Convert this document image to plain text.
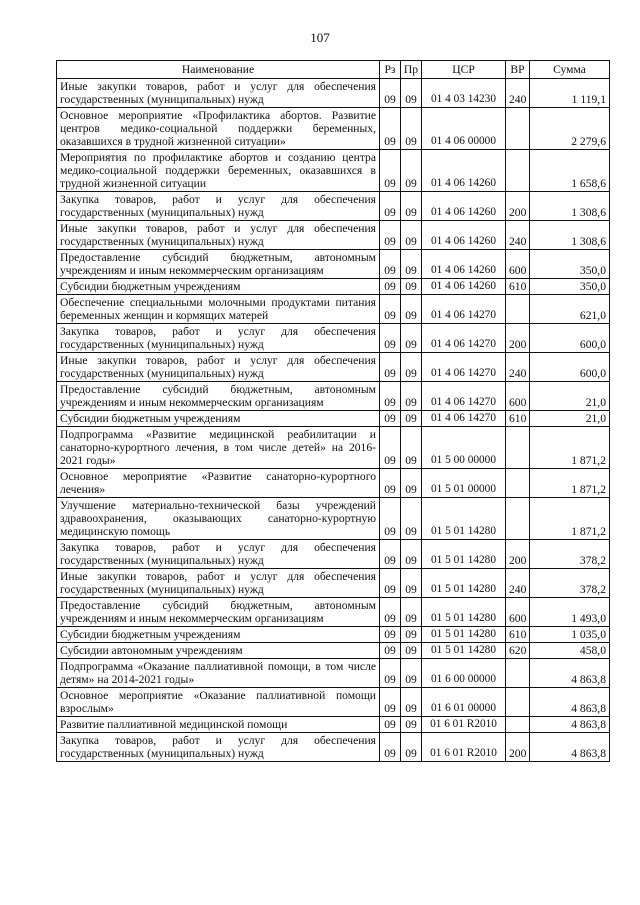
107
Наименование	Рз	Пр	ЦСР	ВР	Сумма
Иные закупки товаров, работ и услуг для обеспечения государственных (муниципальных) нужд	09	09	01 4 03 14230	240	1 119,1
Основное мероприятие «Профилактика абортов. Развитие центров медико-социальной поддержки беременных, оказавшихся в трудной жизненной ситуации»	09	09	01 4 06 00000		2 279,6
Мероприятия по профилактике абортов и созданию центра медико-социальной поддержки беременных, оказавшихся в трудной жизненной ситуации	09	09	01 4 06 14260		1 658,6
Закупка товаров, работ и услуг для обеспечения государственных (муниципальных) нужд	09	09	01 4 06 14260	200	1 308,6
Иные закупки товаров, работ и услуг для обеспечения государственных (муниципальных) нужд	09	09	01 4 06 14260	240	1 308,6
Предоставление субсидий бюджетным, автономным учреждениям и иным некоммерческим организациям	09	09	01 4 06 14260	600	350,0
Субсидии бюджетным учреждениям	09	09	01 4 06 14260	610	350,0
Обеспечение специальными молочными продуктами питания беременных женщин и кормящих матерей	09	09	01 4 06 14270		621,0
Закупка товаров, работ и услуг для обеспечения государственных (муниципальных) нужд	09	09	01 4 06 14270	200	600,0
Иные закупки товаров, работ и услуг для обеспечения государственных (муниципальных) нужд	09	09	01 4 06 14270	240	600,0
Предоставление субсидий бюджетным, автономным учреждениям и иным некоммерческим организациям	09	09	01 4 06 14270	600	21,0
Субсидии бюджетным учреждениям	09	09	01 4 06 14270	610	21,0
Подпрограмма «Развитие медицинской реабилитации и санаторно-курортного лечения, в том числе детей» на 2016-2021 годы»	09	09	01 5 00 00000		1 871,2
Основное мероприятие «Развитие санаторно-курортного лечения»	09	09	01 5 01 00000		1 871,2
Улучшение материально-технической базы учреждений здравоохранения, оказывающих санаторно-курортную медицинскую помощь	09	09	01 5 01 14280		1 871,2
Закупка товаров, работ и услуг для обеспечения государственных (муниципальных) нужд	09	09	01 5 01 14280	200	378,2
Иные закупки товаров, работ и услуг для обеспечения государственных (муниципальных) нужд	09	09	01 5 01 14280	240	378,2
Предоставление субсидий бюджетным, автономным учреждениям и иным некоммерческим организациям	09	09	01 5 01 14280	600	1 493,0
Субсидии бюджетным учреждениям	09	09	01 5 01 14280	610	1 035,0
Субсидии автономным учреждениям	09	09	01 5 01 14280	620	458,0
Подпрограмма «Оказание паллиативной помощи, в том числе детям» на 2014-2021 годы»	09	09	01 6 00 00000		4 863,8
Основное мероприятие «Оказание паллиативной помощи взрослым»	09	09	01 6 01 00000		4 863,8
Развитие паллиативной медицинской помощи	09	09	01 6 01 R2010		4 863,8
Закупка товаров, работ и услуг для обеспечения государственных (муниципальных) нужд	09	09	01 6 01 R2010	200	4 863,8
